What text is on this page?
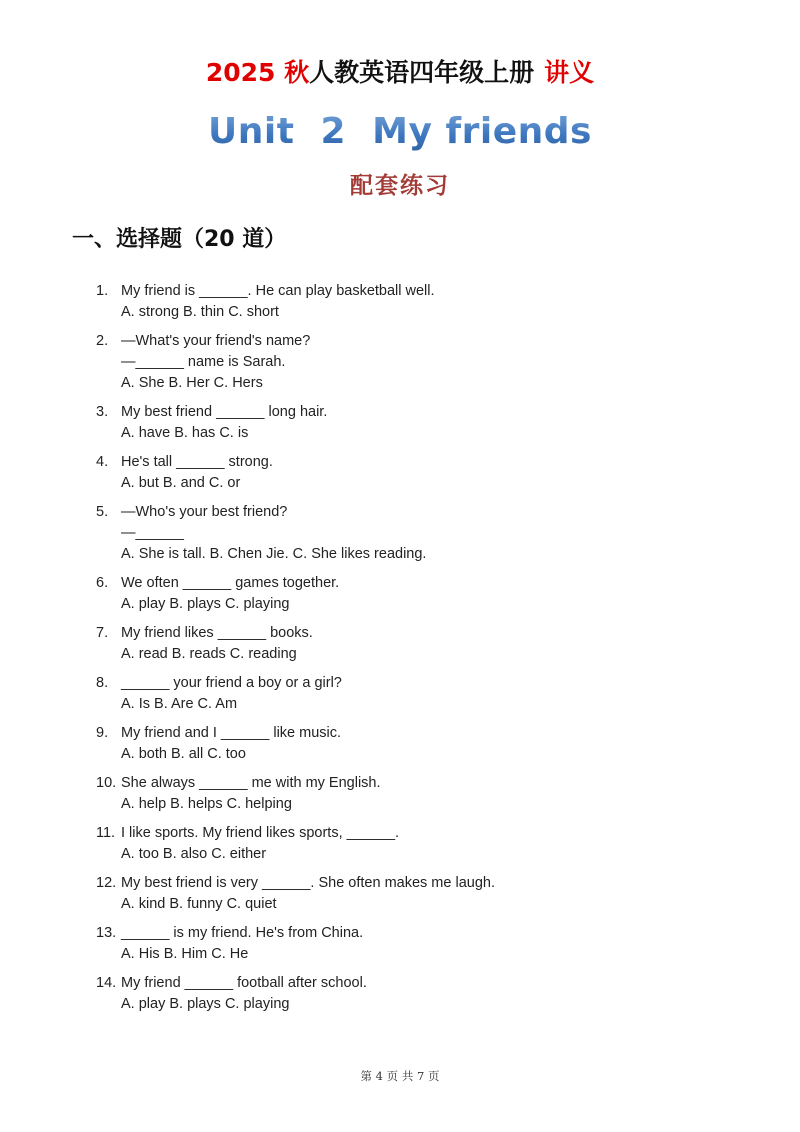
2025 秋人教英语四年级上册 讲义
Unit  2  My friends
配套练习
一、选择题（20 道）
1. My friend is ______. He can play basketball well.
A. strong B. thin C. short
2. —What's your friend's name?
—______ name is Sarah.
A. She B. Her C. Hers
3. My best friend ______ long hair.
A. have B. has C. is
4. He's tall ______ strong.
A. but B. and C. or
5. —Who's your best friend?
—______
A. She is tall. B. Chen Jie. C. She likes reading.
6. We often ______ games together.
A. play B. plays C. playing
7. My friend likes ______ books.
A. read B. reads C. reading
8. ______ your friend a boy or a girl?
A. Is B. Are C. Am
9. My friend and I ______ like music.
A. both B. all C. too
10. She always ______ me with my English.
A. help B. helps C. helping
11. I like sports. My friend likes sports, ______.
A. too B. also C. either
12. My best friend is very ______. She often makes me laugh.
A. kind B. funny C. quiet
13. ______ is my friend. He's from China.
A. His B. Him C. He
14. My friend ______ football after school.
A. play B. plays C. playing
第 4 页 共 7 页
